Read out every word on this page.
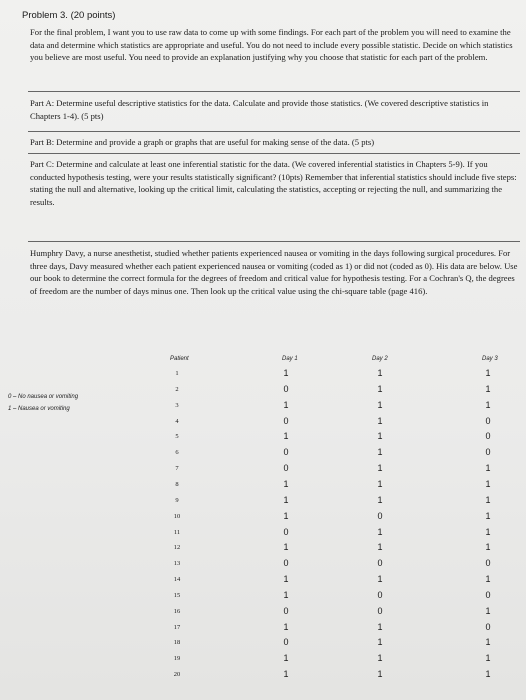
Problem 3. (20 points)
For the final problem, I want you to use raw data to come up with some findings. For each part of the problem you will need to examine the data and determine which statistics are appropriate and useful. You do not need to include every possible statistic. Decide on which statistics you believe are most useful. You need to provide an explanation justifying why you choose that statistic for each part of the problem.
Part A: Determine useful descriptive statistics for the data. Calculate and provide those statistics. (We covered descriptive statistics in Chapters 1-4). (5 pts)
Part B: Determine and provide a graph or graphs that are useful for making sense of the data. (5 pts)
Part C: Determine and calculate at least one inferential statistic for the data. (We covered inferential statistics in Chapters 5-9). If you conducted hypothesis testing, were your results statistically significant? (10pts) Remember that inferential statistics should include five steps: stating the null and alternative, looking up the critical limit, calculating the statistics, accepting or rejecting the null, and summarizing the results.
Humphry Davy, a nurse anesthetist, studied whether patients experienced nausea or vomiting in the days following surgical procedures. For three days, Davy measured whether each patient experienced nausea or vomiting (coded as 1) or did not (coded as 0). His data are below. Use our book to determine the correct formula for the degrees of freedom and critical value for hypothesis testing. For a Cochran's Q, the degrees of freedom are the number of days minus one. Then look up the critical value using the chi-square table (page 416).
0 – No nausea or vomiting
1 – Nausea or vomiting
Patient	Day 1	Day 2	Day 3
1	1	1	1
2	0	1	1
3	1	1	1
4	0	1	0
5	1	1	0
6	0	1	0
7	0	1	1
8	1	1	1
9	1	1	1
10	1	0	1
11	0	1	1
12	1	1	1
13	0	0	0
14	1	1	1
15	1	0	0
16	0	0	1
17	1	1	0
18	0	1	1
19	1	1	1
20	1	1	1
